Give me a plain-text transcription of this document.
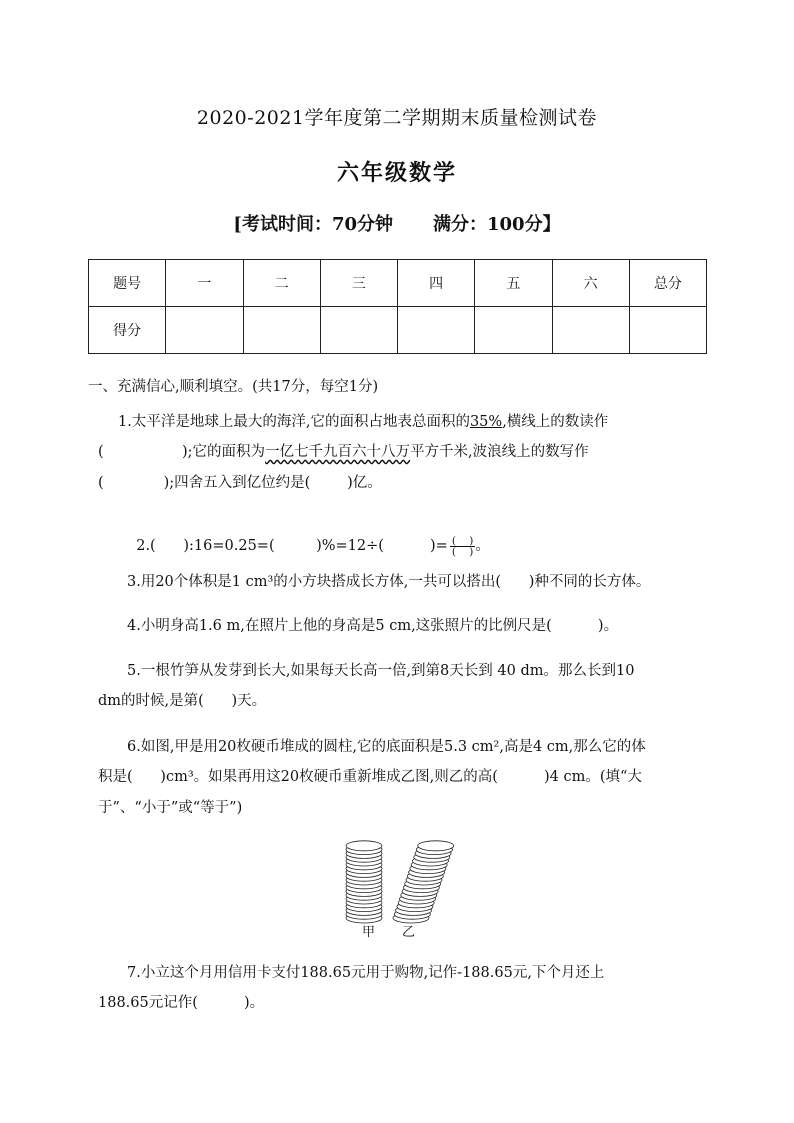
2020-2021学年度第二学期期末质量检测试卷
六年级数学
[考试时间：70分钟 满分：100分】
题号	一	二	三	四	五	六	总分
得分							
一、充满信心,顺利填空。(共17分，每空1分)
1.太平洋是地球上最大的海洋,它的面积占地表总面积的35%,横线上的数读作
(                 );它的面积为一亿七千九百六十八万平方千米,波浪线上的数写作
(             );四舍五入到亿位约是(        )亿。

2.(      ):16=0.25=(         )%=12÷(          )= $\frac{( )}{( )}$ 。

3.用20个体积是1 cm³的小方块搭成长方体,一共可以搭出(      )种不同的长方体。
4.小明身高1.6 m,在照片上他的身高是5 cm,这张照片的比例尺是(          )。
5.一根竹笋从发芽到长大,如果每天长高一倍,到第8天长到 40 dm。那么长到10
dm的时候,是第(      )天。
6.如图,甲是用20枚硬币堆成的圆柱,它的底面积是5.3 cm²,高是4 cm,那么它的体
积是(      )cm³。如果再用这20枚硬币重新堆成乙图,则乙的高(          )4 cm。(填“大
于”、“小于”或“等于”)
甲 乙
7.小立这个月用信用卡支付188.65元用于购物,记作-188.65元,下个月还上
188.65元记作(          )。
